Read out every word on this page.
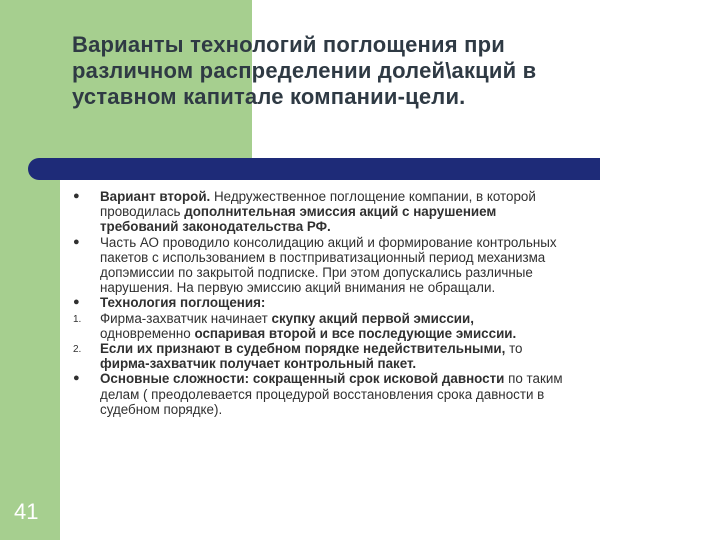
Варианты технологий поглощения при
различном распределении долей\акций в
уставном капитале компании-цели.
●	Вариант второй. Недружественное поглощение компании, в которой
проводилась дополнительная эмиссия акций с нарушением
требований законодательства РФ.
●	Часть АО проводило консолидацию акций и формирование контрольных
пакетов с использованием в постприватизационный период механизма
допэмиссии по закрытой подписке. При этом допускались различные
нарушения. На первую эмиссию акций внимания не обращали.
●	Технология поглощения:
1.	Фирма-захватчик начинает скупку акций первой эмиссии,
одновременно оспаривая второй и все последующие эмиссии.
2.	Если их признают в судебном порядке недействительными, то
фирма-захватчик получает контрольный пакет.
●	Основные сложности: сокращенный срок исковой давности по таким
делам ( преодолевается процедурой восстановления срока давности в
судебном порядке).
41
